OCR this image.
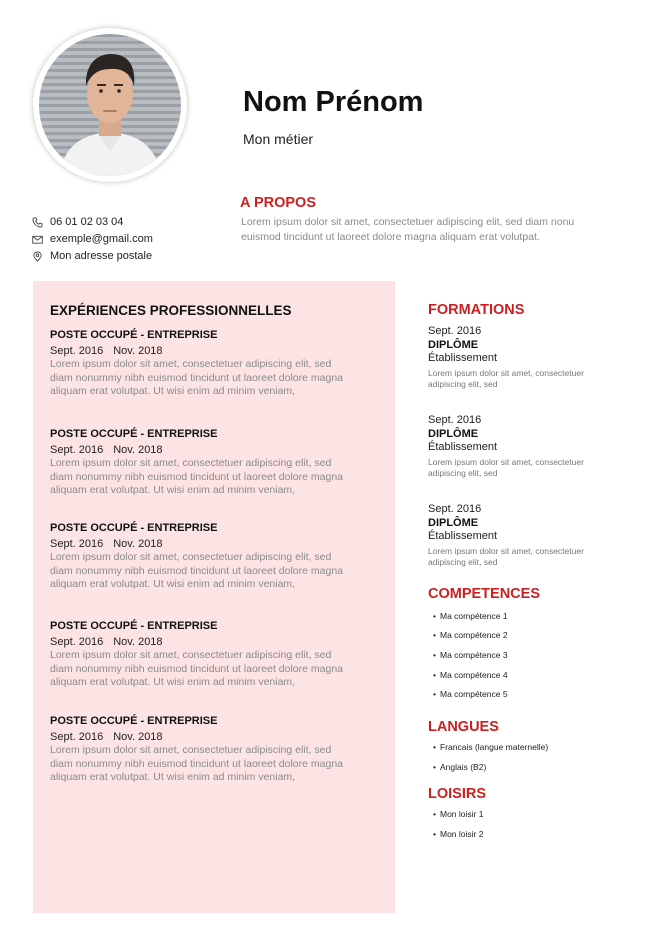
Nom Prénom
Mon métier
A PROPOS
Lorem ipsum dolor sit amet, consectetuer adipiscing elit, sed diam nonu euismod tincidunt ut laoreet dolore magna aliquam erat volutpat.
06 01 02 03 04
exemple@gmail.com
Mon adresse postale
EXPÉRIENCES PROFESSIONNELLES
POSTE OCCUPÉ - ENTREPRISE
Sept. 2016 Nov. 2018
Lorem ipsum dolor sit amet, consectetuer adipiscing elit, sed diam nonummy nibh euismod tincidunt ut laoreet dolore magna aliquam erat volutpat. Ut wisi enim ad minim veniam,
POSTE OCCUPÉ - ENTREPRISE
Sept. 2016 Nov. 2018
Lorem ipsum dolor sit amet, consectetuer adipiscing elit, sed diam nonummy nibh euismod tincidunt ut laoreet dolore magna aliquam erat volutpat. Ut wisi enim ad minim veniam,
POSTE OCCUPÉ - ENTREPRISE
Sept. 2016 Nov. 2018
Lorem ipsum dolor sit amet, consectetuer adipiscing elit, sed diam nonummy nibh euismod tincidunt ut laoreet dolore magna aliquam erat volutpat. Ut wisi enim ad minim veniam,
POSTE OCCUPÉ - ENTREPRISE
Sept. 2016 Nov. 2018
Lorem ipsum dolor sit amet, consectetuer adipiscing elit, sed diam nonummy nibh euismod tincidunt ut laoreet dolore magna aliquam erat volutpat. Ut wisi enim ad minim veniam,
POSTE OCCUPÉ - ENTREPRISE
Sept. 2016 Nov. 2018
Lorem ipsum dolor sit amet, consectetuer adipiscing elit, sed diam nonummy nibh euismod tincidunt ut laoreet dolore magna aliquam erat volutpat. Ut wisi enim ad minim veniam,
FORMATIONS
Sept. 2016
DIPLÔME
Établissement
Lorem ipsum dolor sit amet, consectetuer adipiscing elit, sed
Sept. 2016
DIPLÔME
Établissement
Lorem ipsum dolor sit amet, consectetuer adipiscing elit, sed
Sept. 2016
DIPLÔME
Établissement
Lorem ipsum dolor sit amet, consectetuer adipiscing elit, sed
COMPETENCES
• Ma compétence 1
• Ma compétence 2
• Ma compétence 3
• Ma compétence 4
• Ma compétence 5
LANGUES
• Francais (langue maternelle)
• Anglais (B2)
LOISIRS
• Mon loisir 1
• Mon loisir 2
